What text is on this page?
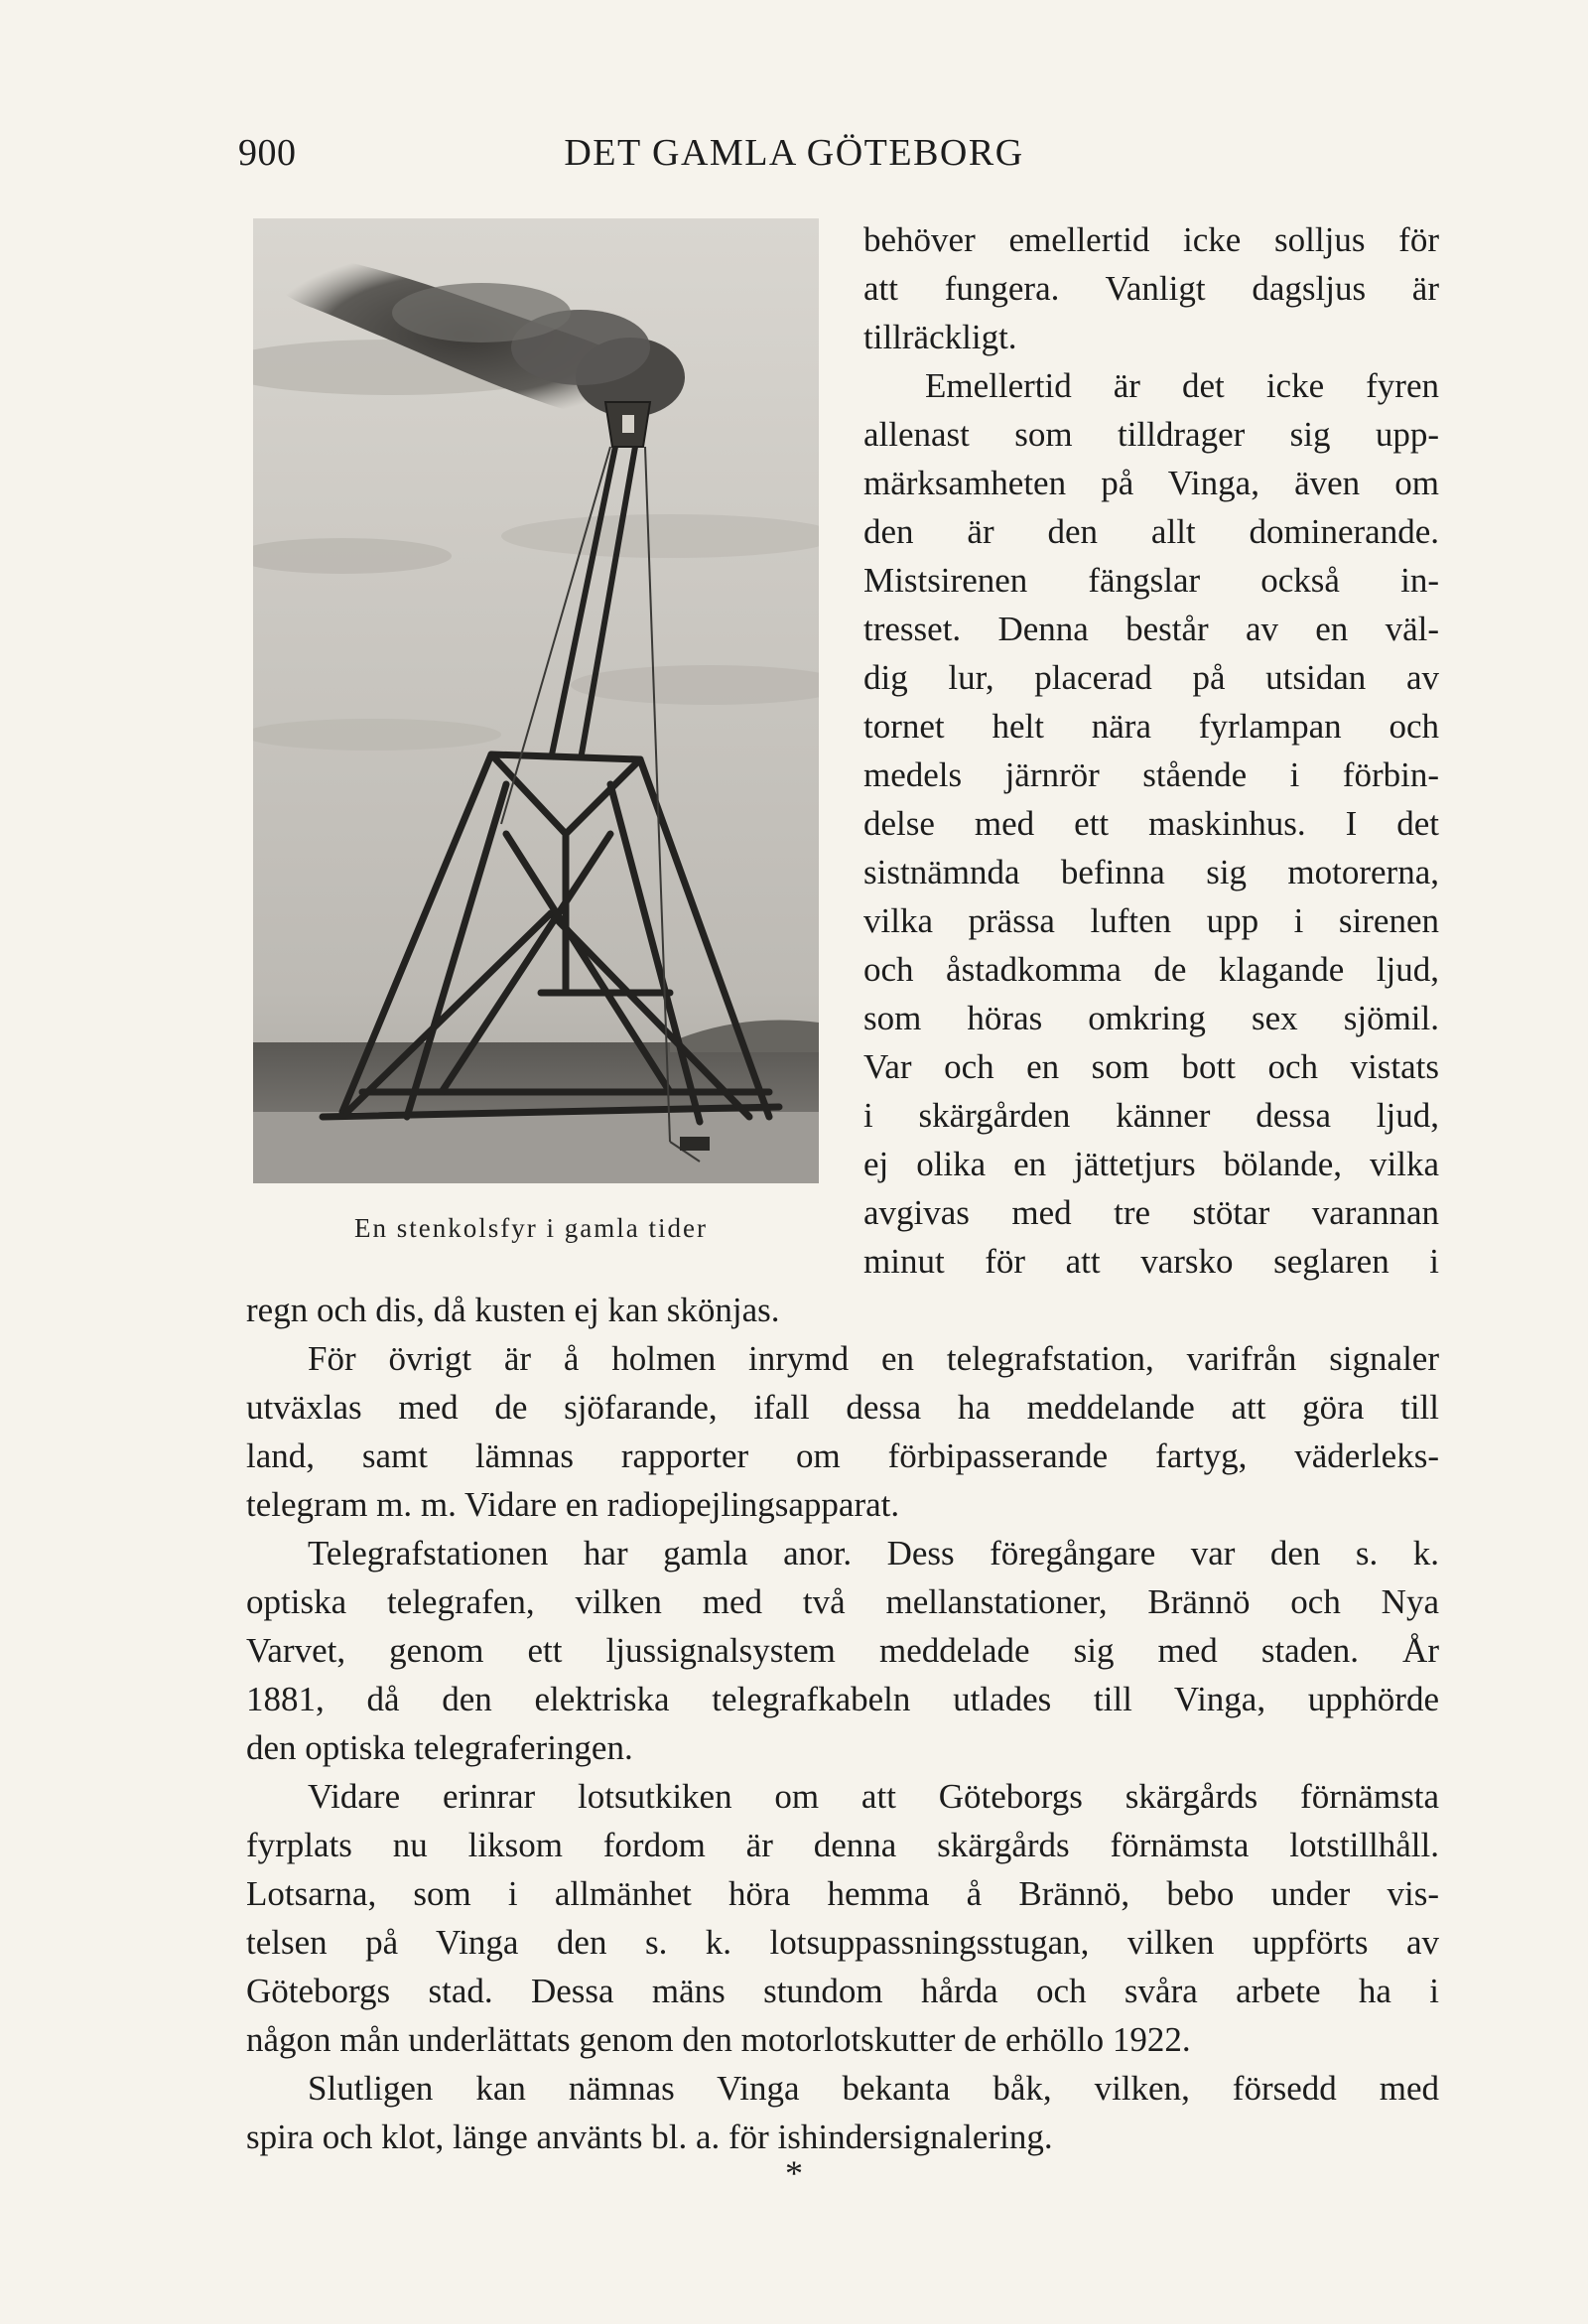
900	DET GAMLA GÖTEBORG
En stenkolsfyr i gamla tider
behöver emellertid icke solljus för
att fungera. Vanligt dagsljus är
tillräckligt.
Emellertid är det icke fyren
allenast som tilldrager sig upp-
märksamheten på Vinga, även om
den är den allt dominerande.
Mistsirenen fängslar också in-
tresset. Denna består av en väl-
dig lur, placerad på utsidan av
tornet helt nära fyrlampan och
medels järnrör stående i förbin-
delse med ett maskinhus. I det
sistnämnda befinna sig motorerna,
vilka prässa luften upp i sirenen
och åstadkomma de klagande ljud,
som höras omkring sex sjömil.
Var och en som bott och vistats
i skärgården känner dessa ljud,
ej olika en jättetjurs bölande, vilka
avgivas med tre stötar varannan
minut för att varsko seglaren i
regn och dis, då kusten ej kan skönjas.
För övrigt är å holmen inrymd en telegrafstation, varifrån signaler
utväxlas med de sjöfarande, ifall dessa ha meddelande att göra till
land, samt lämnas rapporter om förbipasserande fartyg, väderleks-
telegram m. m. Vidare en radiopejlingsapparat.
Telegrafstationen har gamla anor. Dess föregångare var den s. k.
optiska telegrafen, vilken med två mellanstationer, Brännö och Nya
Varvet, genom ett ljussignalsystem meddelade sig med staden. År
1881, då den elektriska telegrafkabeln utlades till Vinga, upphörde
den optiska telegraferingen.
Vidare erinrar lotsutkiken om att Göteborgs skärgårds förnämsta
fyrplats nu liksom fordom är denna skärgårds förnämsta lotstillhåll.
Lotsarna, som i allmänhet höra hemma å Brännö, bebo under vis-
telsen på Vinga den s. k. lotsuppassningsstugan, vilken uppförts av
Göteborgs stad. Dessa mäns stundom hårda och svåra arbete ha i
någon mån underlättats genom den motorlotskutter de erhöllo 1922.
Slutligen kan nämnas Vinga bekanta båk, vilken, försedd med
spira och klot, länge använts bl. a. för ishindersignalering.
*
